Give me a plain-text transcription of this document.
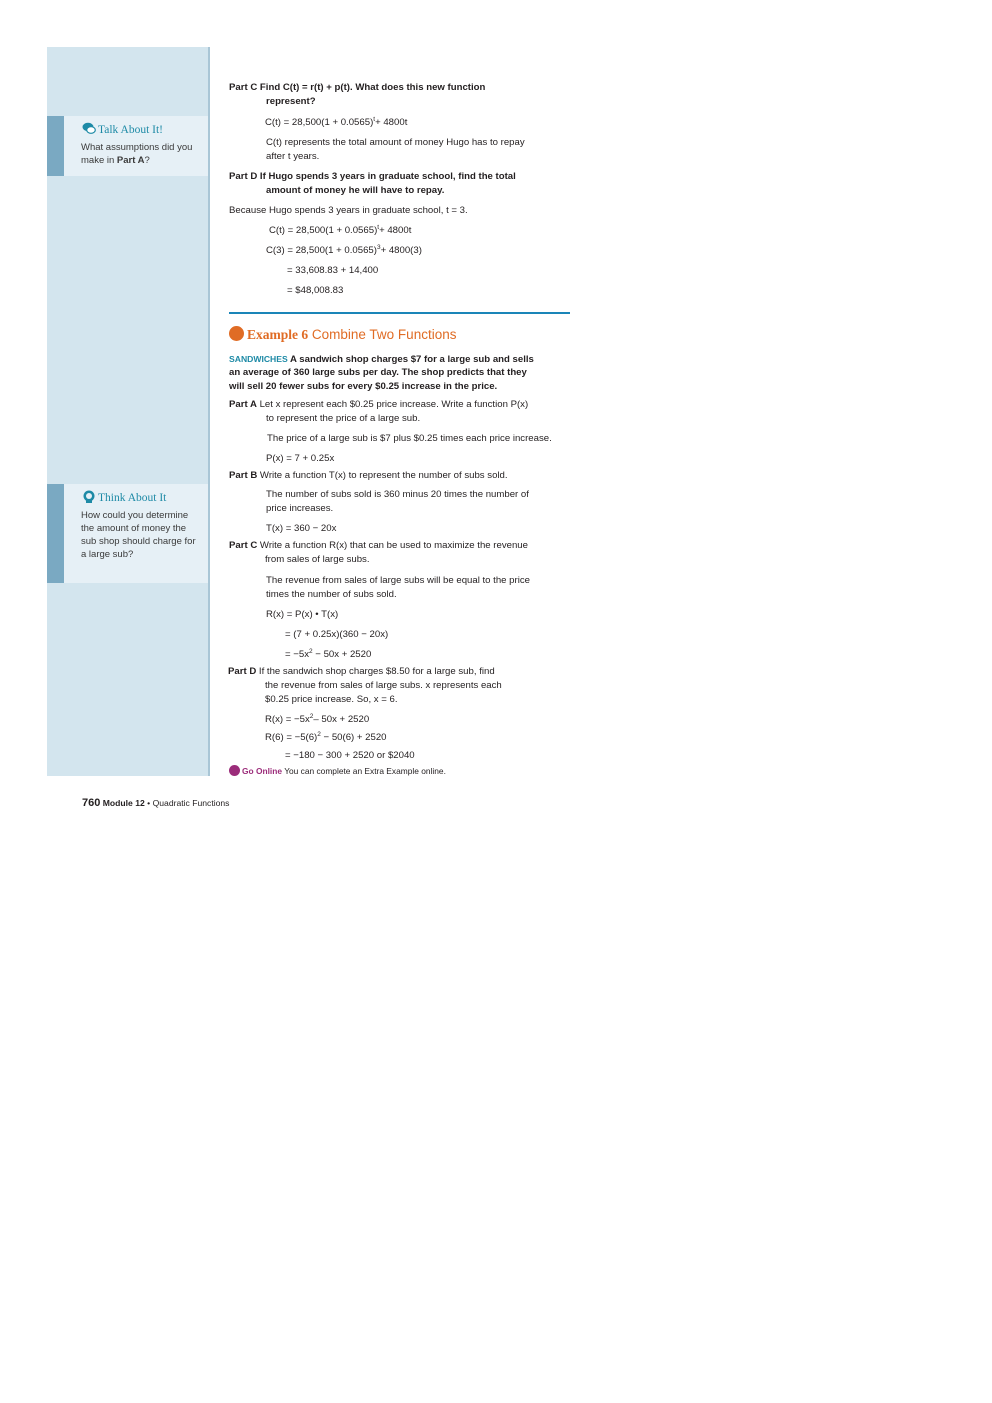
Talk About It!
What assumptions did you make in Part A?
Think About It
How could you determine the amount of money the sub shop should charge for a large sub?
Part C Find C(t) = r(t) + p(t). What does this new function
represent?
$C(t) = 28,500(1 + 0.0565)^t+ 4800t$
C(t) represents the total amount of money Hugo has to repay
after t years.
Part D If Hugo spends 3 years in graduate school, find the total
amount of money he will have to repay.
Because Hugo spends 3 years in graduate school, t = 3.
$C(t) = 28,500(1 + 0.0565)^t+ 4800t$
$C(3) = 28,500(1 + 0.0565)^3+ 4800(3)$
= 33,608.83 + 14,400
= $48,008.83
SANDWICHES A sandwich shop charges $7 for a large sub and sells
an average of 360 large subs per day. The shop predicts that they
will sell 20 fewer subs for every $0.25 increase in the price.
Part A Let x represent each $0.25 price increase. Write a function P(x)
to represent the price of a large sub.
The price of a large sub is $7 plus $0.25 times each price increase.
P(x) = 7 + 0.25x
Part B Write a function T(x) to represent the number of subs sold.
The number of subs sold is 360 minus 20 times the number of
price increases.
T(x) = 360 − 20x
Part C Write a function R(x) that can be used to maximize the revenue
from sales of large subs.
The revenue from sales of large subs will be equal to the price
times the number of subs sold.
R(x) = P(x) • T(x)
= (7 + 0.25x)(360 − 20x)
= $-5x^2 - 50x + 2520$
Part D If the sandwich shop charges $8.50 for a large sub, find
the revenue from sales of large subs. x represents each
$0.25 price increase. So, x = 6.
$R(x) = -5x^2-$ 50x + 2520
$R(6) = -5(6)^2 - 50(6) + 2520$
= −180 − 300 + 2520 or $2040
Go Online You can complete an Extra Example online.
Example 6 Combine Two Functions
760 Module 12 • Quadratic Functions
